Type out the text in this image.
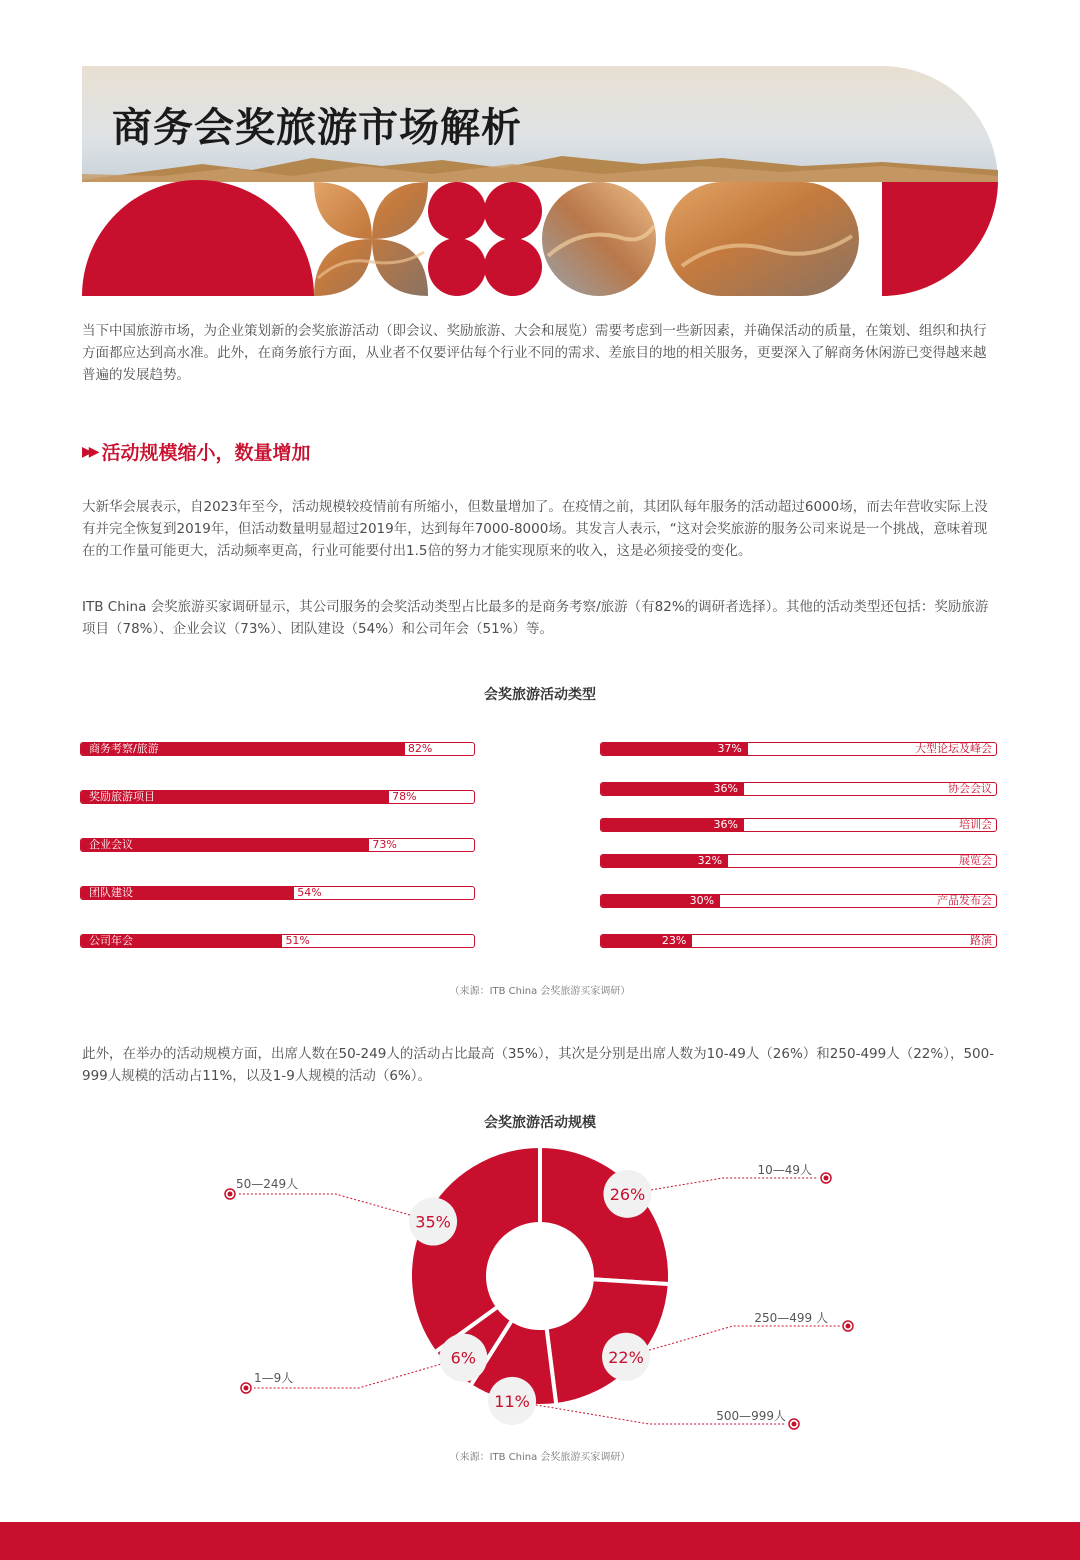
商务会奖旅游市场解析

当下中国旅游市场，为企业策划新的会奖旅游活动（即会议、奖励旅游、大会和展览）需要考虑到一些新因素，并确保活动的质量，在策划、组织和执行方面都应达到高水准。此外，在商务旅行方面，从业者不仅要评估每个行业不同的需求、差旅目的地的相关服务，更要深入了解商务休闲游已变得越来越普遍的发展趋势。

▶▶ 活动规模缩小，数量增加

大新华会展表示，自2023年至今，活动规模较疫情前有所缩小，但数量增加了。在疫情之前，其团队每年服务的活动超过6000场，而去年营收实际上没有并完全恢复到2019年，但活动数量明显超过2019年，达到每年7000-8000场。其发言人表示，“这对会奖旅游的服务公司来说是一个挑战，意味着现在的工作量可能更大，活动频率更高，行业可能要付出1.5倍的努力才能实现原来的收入，这是必须接受的变化。

ITB China 会奖旅游买家调研显示，其公司服务的会奖活动类型占比最多的是商务考察/旅游（有82%的调研者选择）。其他的活动类型还包括：奖励旅游项目（78%）、企业会议（73%）、团队建设（54%）和公司年会（51%）等。

会奖旅游活动类型
商务考察/旅游	82%
奖励旅游项目	78%
企业会议	73%
团队建设	54%
公司年会	51%
37%	大型论坛及峰会
36%	协会会议
36%	培训会
32%	展览会
30%	产品发布会
23%	路演
（来源：ITB China 会奖旅游买家调研）

此外，在举办的活动规模方面，出席人数在50-249人的活动占比最高（35%），其次是分别是出席人数为10-49人（26%）和250-499人（22%），500-999人规模的活动占11%，以及1-9人规模的活动（6%）。

会奖旅游活动规模
10—49人
26%
250—499 人
22%
500—999人
11%
1—9人
6%
50—249人
35%
（来源：ITB China 会奖旅游买家调研）
